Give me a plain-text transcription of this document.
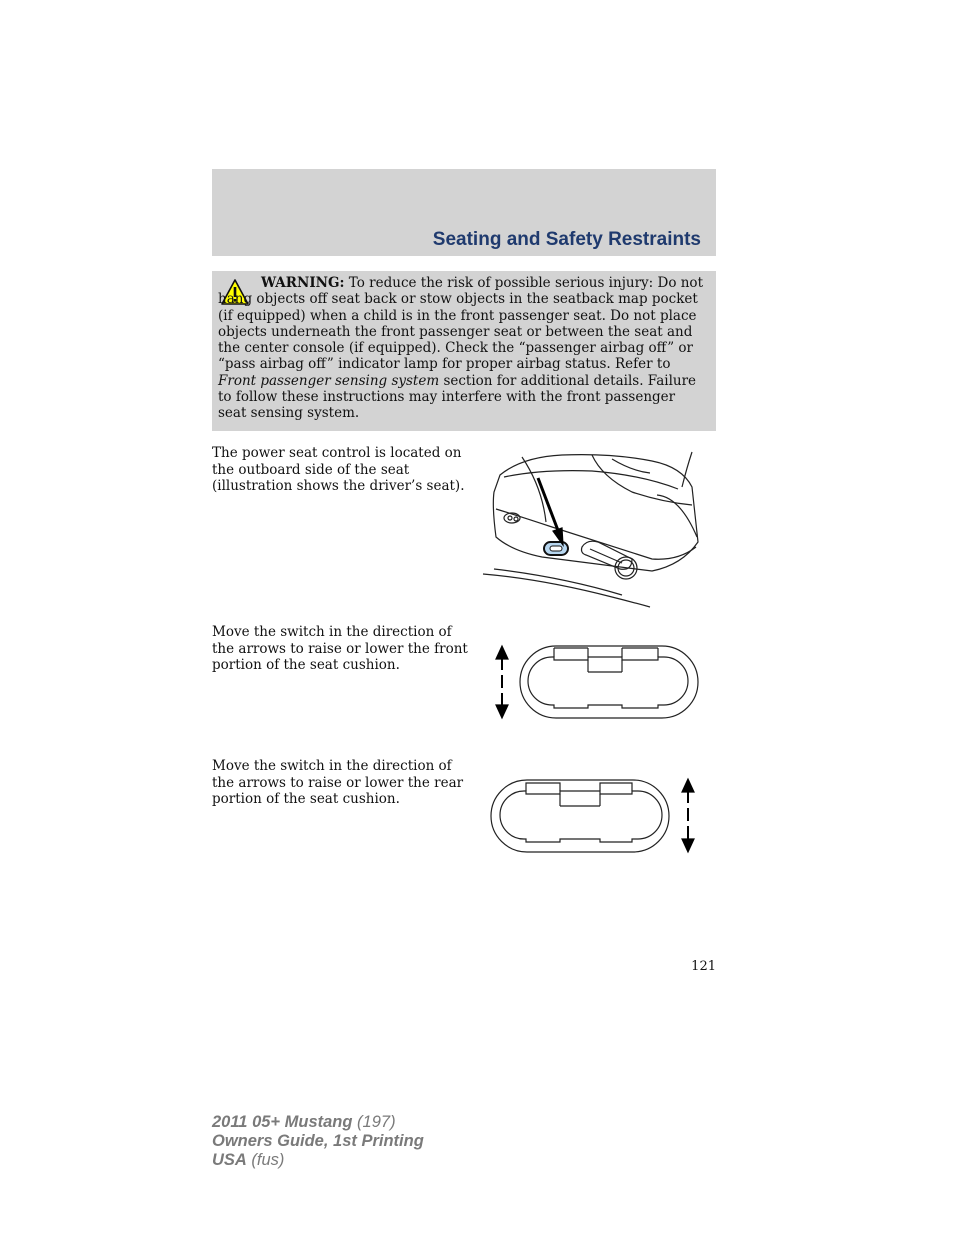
Seating and Safety Restraints

WARNING: To reduce the risk of possible serious injury: Do not hang objects off seat back or stow objects in the seatback map pocket (if equipped) when a child is in the front passenger seat. Do not place objects underneath the front passenger seat or between the seat and the center console (if equipped). Check the “passenger airbag off” or “pass airbag off” indicator lamp for proper airbag status. Refer to Front passenger sensing system section for additional details. Failure to follow these instructions may interfere with the front passenger seat sensing system.

The power seat control is located on the outboard side of the seat (illustration shows the driver’s seat).

Move the switch in the direction of the arrows to raise or lower the front portion of the seat cushion.

Move the switch in the direction of the arrows to raise or lower the rear portion of the seat cushion.

121
2011 05+ Mustang (197)
Owners Guide, 1st Printing
USA (fus)
